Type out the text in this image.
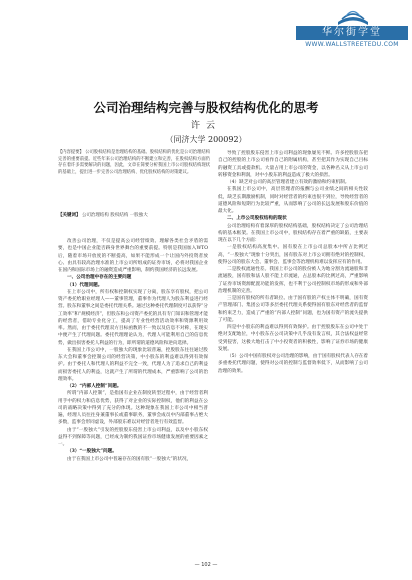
华尔街学堂
WWW.WALLSTREETEDU.COM
公司治理结构完善与股权结构优化的思考
许云
（同济大学 200092）
【内容提要】 公司股权结构是治理结构的基础。股权结构的优化是公司治理结构完善的重要前提。近些年来公司治理结构的不断建立和完善，在股权结构方面仍存在着许多需要解决的问题，因此，文章在简要分析我国上市公司股权结构现状的基础上，提出进一步完善公司治理结构、优化股权结构的对策建议。
【关键词】 公司治理结构 股权结构 一股独大

改善公司治理，不仅是提高公司经营绩效、理解各类社会矛盾的需要，也是中国企业能否跻身世界舞台的重要前提。特别是我国加入WTO后，随着市场开放度的不断提高，如果不能形成一个让国内外投资者放心、由具有较高治理水准的上市公司所组成的证券市场，必将对我国企业在国内和国际市场上的融资造成严重影响，制约我国经济的长远发展。

一、公司治理中存在的主要问题

（1）代理问题。

在上市公司中，所有权和控制权实现了分离，股东享有股权，把公司资产委托给职业经理人——董事管理，董事作为代理人为股东利益进行经营。股东和董事之间是委托代理关系。通过这种委托代理制度可以获得“分工效率”和“规模经济”，但股东和公司资产委托的具有专门知识和管理才能的经营者，借助专业化分工，提高了专业性经营活动效率和资源利用效率。然而，由于委托代理双方目标函数的不一致以及信息不对称，在现实中便产生了代理问题。委托代理理论认为，代理人可能利用自己的信息优势，做出损害委托人利益的行为，即所谓的道德风险和逆向选择。

在我国上市公司中，一股独大的现象比较普遍，控股股东往往通过股东大会和董事会控制公司的经营决策，中小股东的利益难以得到有效保护。由于委托人和代理人的利益不完全一致，代理人为了追求自己的利益而损害委托人的利益，这就产生了所谓的代理成本，严重影响了公司的治理效率。

（2）“内部人控制”问题。

所谓“内部人控制”，是指国有企业在制度转型过程中，由于经营者利用手中的权力和信息优势，获得了对企业的实际控制权，他们的利益在公司的战略决策中得到了充分的体现。这种现象在我国上市公司中相当普遍，经理人员往往身兼董事长或董事职务，董事会成员中内部董事占绝大多数，监事会形同虚设，外部股东难以对经营者进行有效监督。

由于“一股独大”引发的控股股东侵害上市公司利益，以及中小股东权益得不到保障等问题，已经成为制约我国证券市场健康发展的重要因素之一。

（3）“一股独大”问题。

由于在我国上市公司中普遍存在的国有股“一股独大”的状况，

导致了控股股东侵害上市公司利益的现象屡见不鲜。许多控股股东把自己的控股的上市公司看作自己的附属机构，甚至把其作为实现自己目标的融资工具或提款机。大量占用上市公司的资金，以各种名义从上市公司转移资金和利润，对中小股东的利益造成了极大的损害。

（4）缺乏对公司的高层管理者建立有效的激励和约束机制。

在我国上市公司中，高层管理者的报酬与公司业绩之间的相关性较低，缺乏长期激励机制，同时对经营者的约束也很不到位，导致经营者的道德风险和短期行为比较严重，从而影响了公司的长远发展和股东价值的最大化。

二、上市公司股权结构的现状

公司治理结构有着深厚的股权结构基础，股权结构决定了公司治理结构的基本框架。在我国上市公司中，股权结构存在着严重的缺陷，主要表现在以下几个方面：

一是股权结构高度集中。国有股在上市公司总股本中所占比例过高，“一股独大”现象十分突出，国有股东对上市公司拥有绝对的控制权，使得公司的股东大会、董事会、监事会等治理机构难以发挥应有的作用。

二是股权流通性差。我国上市公司的股份被人为地分割为流通股和非流通股，国有股和法人股不能上市流通，占总股本的比例过高，严重影响了证券市场资源配置功能的发挥，也不利于公司控制权市场的形成和外部治理机制的完善。

三是国有股权的所有者缺位。由于国有股的产权主体不明确，国有资产管理部门、集团公司等多层委托代理关系使得国有股东对经营者的监督和约束乏力，造成了严重的“内部人控制”问题，也为国有资产的流失提供了可能。

四是中小股东的利益难以得到有效保护。由于控股股东在公司中处于绝对支配地位，中小股东在公司决策中几乎没有发言权，其合法权益经常受到侵害，这极大地打击了中小投资者的积极性，影响了证券市场的健康发展。

（5）公司中国有股权对公司治理的影响，由于国有股权代表人存在着多重委托代理问题，使得对公司的控制与监督效率低下，从而影响了公司治理的效果。

— 102 —
